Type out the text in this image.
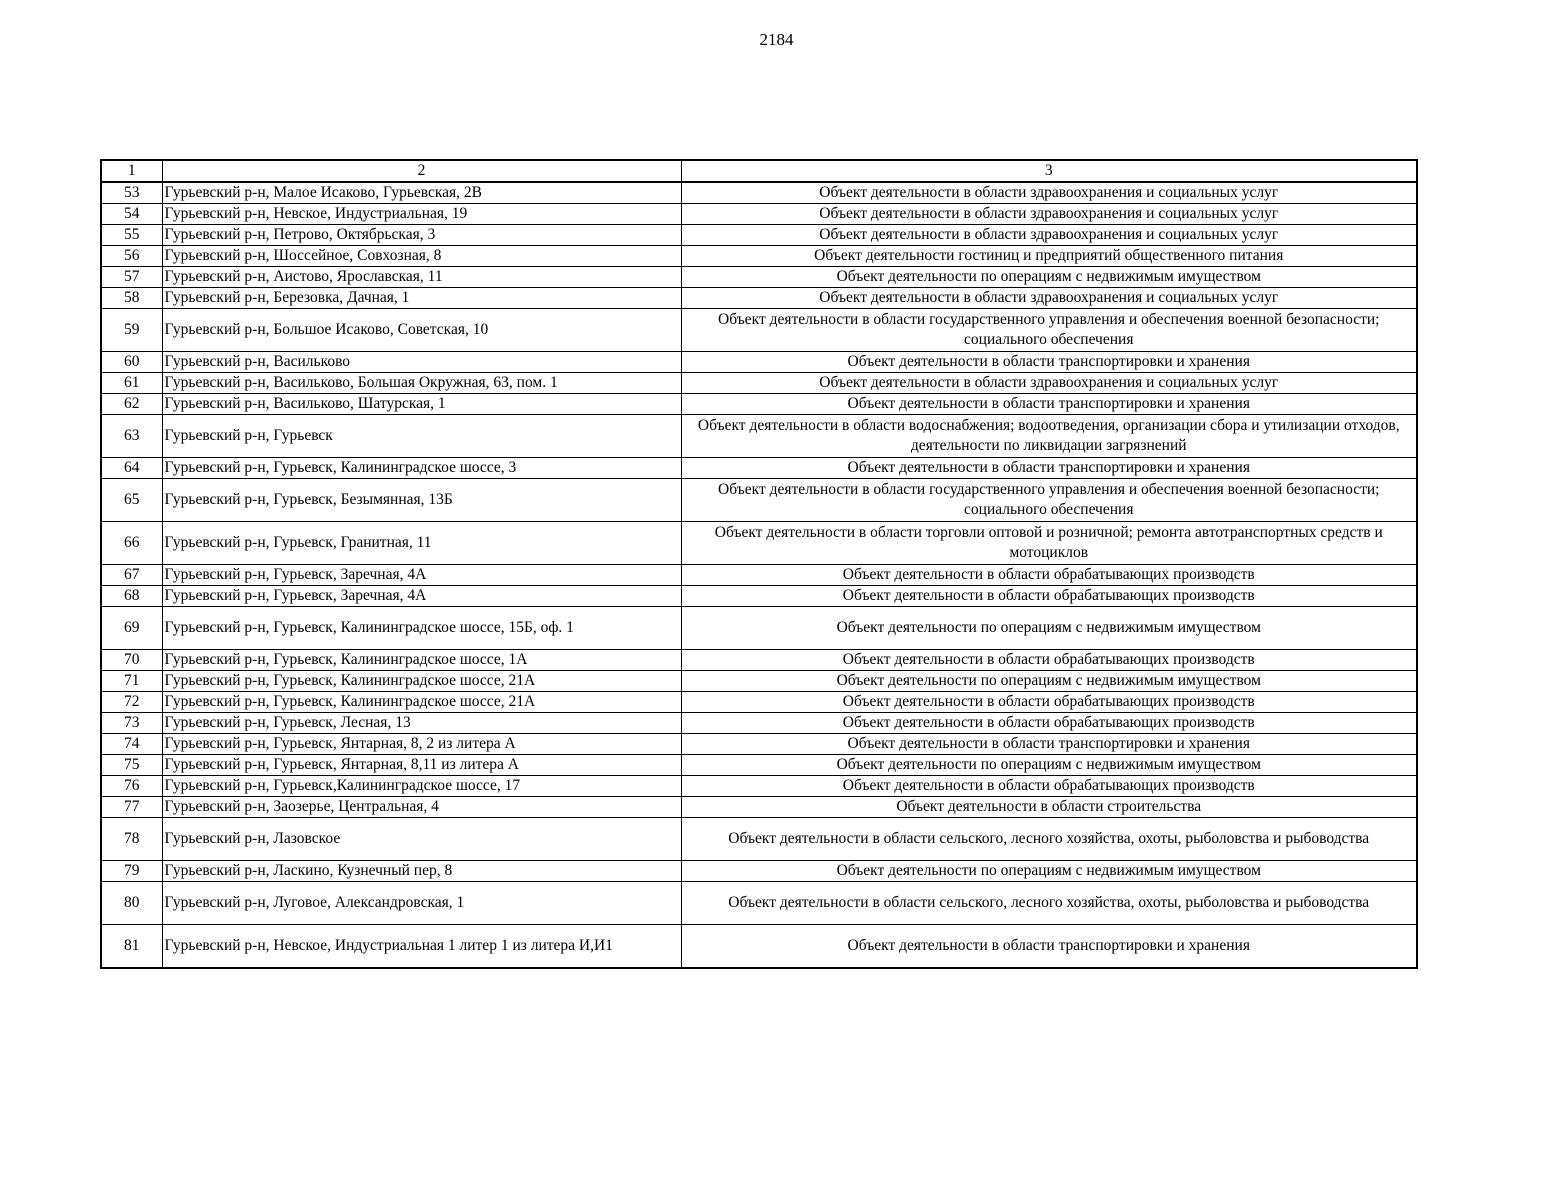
2184
1	2	3
53	Гурьевский р-н, Малое Исаково, Гурьевская, 2В	Объект деятельности в области здравоохранения и социальных услуг
54	Гурьевский р-н, Невское, Индустриальная, 19	Объект деятельности в области здравоохранения и социальных услуг
55	Гурьевский р-н, Петрово, Октябрьская, 3	Объект деятельности в области здравоохранения и социальных услуг
56	Гурьевский р-н, Шоссейное, Совхозная, 8	Объект деятельности гостиниц и предприятий общественного питания
57	Гурьевский р-н, Аистово, Ярославская, 11	Объект деятельности по операциям с недвижимым имуществом
58	Гурьевский р-н, Березовка, Дачная, 1	Объект деятельности в области здравоохранения и социальных услуг
59	Гурьевский р-н, Большое Исаково, Советская, 10	Объект деятельности в области государственного управления и обеспечения военной безопасности; социального обеспечения
60	Гурьевский р-н, Васильково	Объект деятельности в области транспортировки и хранения
61	Гурьевский р-н, Васильково, Большая Окружная, 63, пом. 1	Объект деятельности в области здравоохранения и социальных услуг
62	Гурьевский р-н, Васильково, Шатурская, 1	Объект деятельности в области транспортировки и хранения
63	Гурьевский р-н, Гурьевск	Объект деятельности в области водоснабжения; водоотведения, организации сбора и утилизации отходов, деятельности по ликвидации загрязнений
64	Гурьевский р-н, Гурьевск, Калининградское шоссе, 3	Объект деятельности в области транспортировки и хранения
65	Гурьевский р-н, Гурьевск, Безымянная, 13Б	Объект деятельности в области государственного управления и обеспечения военной безопасности; социального обеспечения
66	Гурьевский р-н, Гурьевск, Гранитная, 11	Объект деятельности в области торговли оптовой и розничной; ремонта автотранспортных средств и мотоциклов
67	Гурьевский р-н, Гурьевск, Заречная, 4А	Объект деятельности в области обрабатывающих производств
68	Гурьевский р-н, Гурьевск, Заречная, 4А	Объект деятельности в области обрабатывающих производств
69	Гурьевский р-н, Гурьевск, Калининградское шоссе, 15Б, оф. 1	Объект деятельности по операциям с недвижимым имуществом
70	Гурьевский р-н, Гурьевск, Калининградское шоссе, 1А	Объект деятельности в области обрабатывающих производств
71	Гурьевский р-н, Гурьевск, Калининградское шоссе, 21А	Объект деятельности по операциям с недвижимым имуществом
72	Гурьевский р-н, Гурьевск, Калининградское шоссе, 21А	Объект деятельности в области обрабатывающих производств
73	Гурьевский р-н, Гурьевск, Лесная, 13	Объект деятельности в области обрабатывающих производств
74	Гурьевский р-н, Гурьевск, Янтарная, 8, 2 из литера А	Объект деятельности в области транспортировки и хранения
75	Гурьевский р-н, Гурьевск, Янтарная, 8,11 из литера А	Объект деятельности по операциям с недвижимым имуществом
76	Гурьевский р-н, Гурьевск,Калининградское шоссе, 17	Объект деятельности в области обрабатывающих производств
77	Гурьевский р-н, Заозерье, Центральная, 4	Объект деятельности в области строительства
78	Гурьевский р-н, Лазовское	Объект деятельности в области сельского, лесного хозяйства, охоты, рыболовства и рыбоводства
79	Гурьевский р-н, Ласкино, Кузнечный пер, 8	Объект деятельности по операциям с недвижимым имуществом
80	Гурьевский р-н, Луговое, Александровская, 1	Объект деятельности в области сельского, лесного хозяйства, охоты, рыболовства и рыбоводства
81	Гурьевский р-н, Невское, Индустриальная 1 литер 1 из литера И,И1	Объект деятельности в области транспортировки и хранения
